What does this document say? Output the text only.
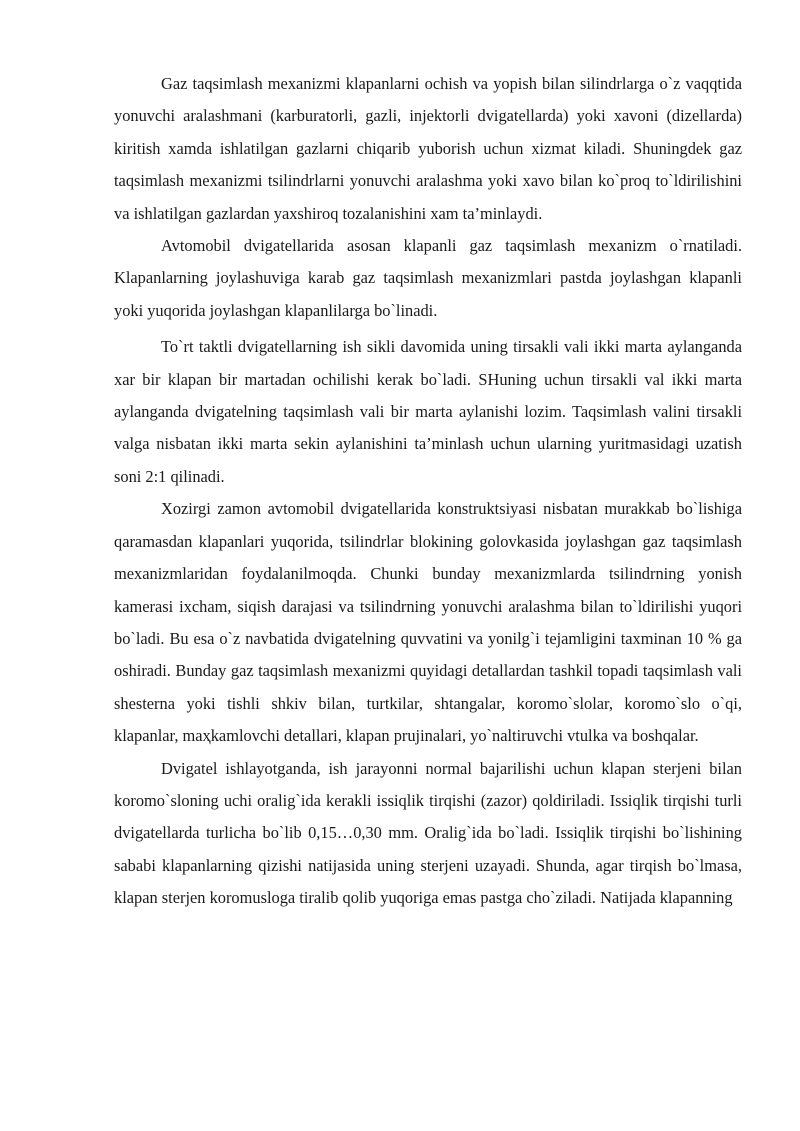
Gaz taqsimlash mexanizmi klapanlarni ochish va yopish bilan silindrlarga o`z vaqqtida yonuvchi aralashmani (karburatorli, gazli, injektorli dvigatellarda) yoki xavoni (dizellarda) kiritish xamda ishlatilgan gazlarni chiqarib yuborish uchun xizmat kiladi. Shuningdek gaz taqsimlash mexanizmi tsilindrlarni yonuvchi aralashma yoki xavo bilan ko`proq to`ldirilishini va ishlatilgan gazlardan yaxshiroq tozalanishini xam ta’minlaydi.

Avtomobil dvigatellarida asosan klapanli gaz taqsimlash mexanizm o`rnatiladi. Klapanlarning joylashuviga karab gaz taqsimlash mexanizmlari pastda joylashgan klapanli yoki yuqorida joylashgan klapanlilarga bo`linadi.

To`rt taktli dvigatellarning ish sikli davomida uning tirsakli vali ikki marta aylanganda xar bir klapan bir martadan ochilishi kerak bo`ladi. SHuning uchun tirsakli val ikki marta aylanganda dvigatelning taqsimlash vali bir marta aylanishi lozim. Taqsimlash valini tirsakli valga nisbatan ikki marta sekin aylanishini ta’minlash uchun ularning yuritmasidagi uzatish soni 2:1 qilinadi.

Xozirgi zamon avtomobil dvigatellarida konstruktsiyasi nisbatan murakkab bo`lishiga qaramasdan klapanlari yuqorida, tsilindrlar blokining golovkasida joylashgan gaz taqsimlash mexanizmlaridan foydalanilmoqda. Chunki bunday mexanizmlarda tsilindrning yonish kamerasi ixcham, siqish darajasi va tsilindrning yonuvchi aralashma bilan to`ldirilishi yuqori bo`ladi. Bu esa o`z navbatida dvigatelning quvvatini va yonilg`i tejamligini taxminan 10 % ga oshiradi. Bunday gaz taqsimlash mexanizmi quyidagi detallardan tashkil topadi taqsimlash vali shesterna yoki tishli shkiv bilan, turtkilar, shtangalar, koromo`slolar, koromo`slo o`qi, klapanlar, maҳkamlovchi detallari, klapan prujinalari, yo`naltiruvchi vtulka va boshqalar.

Dvigatel ishlayotganda, ish jarayonni normal bajarilishi uchun klapan sterjeni bilan koromo`sloning uchi oralig`ida kerakli issiqlik tirqishi (zazor) qoldiriladi. Issiqlik tirqishi turli dvigatellarda turlicha bo`lib 0,15…0,30 mm. Oralig`ida bo`ladi. Issiqlik tirqishi bo`lishining sababi klapanlarning qizishi natijasida uning sterjeni uzayadi. Shunda, agar tirqish bo`lmasa, klapan sterjen koromusloga tiralib qolib yuqoriga emas pastga cho`ziladi. Natijada klapanning
